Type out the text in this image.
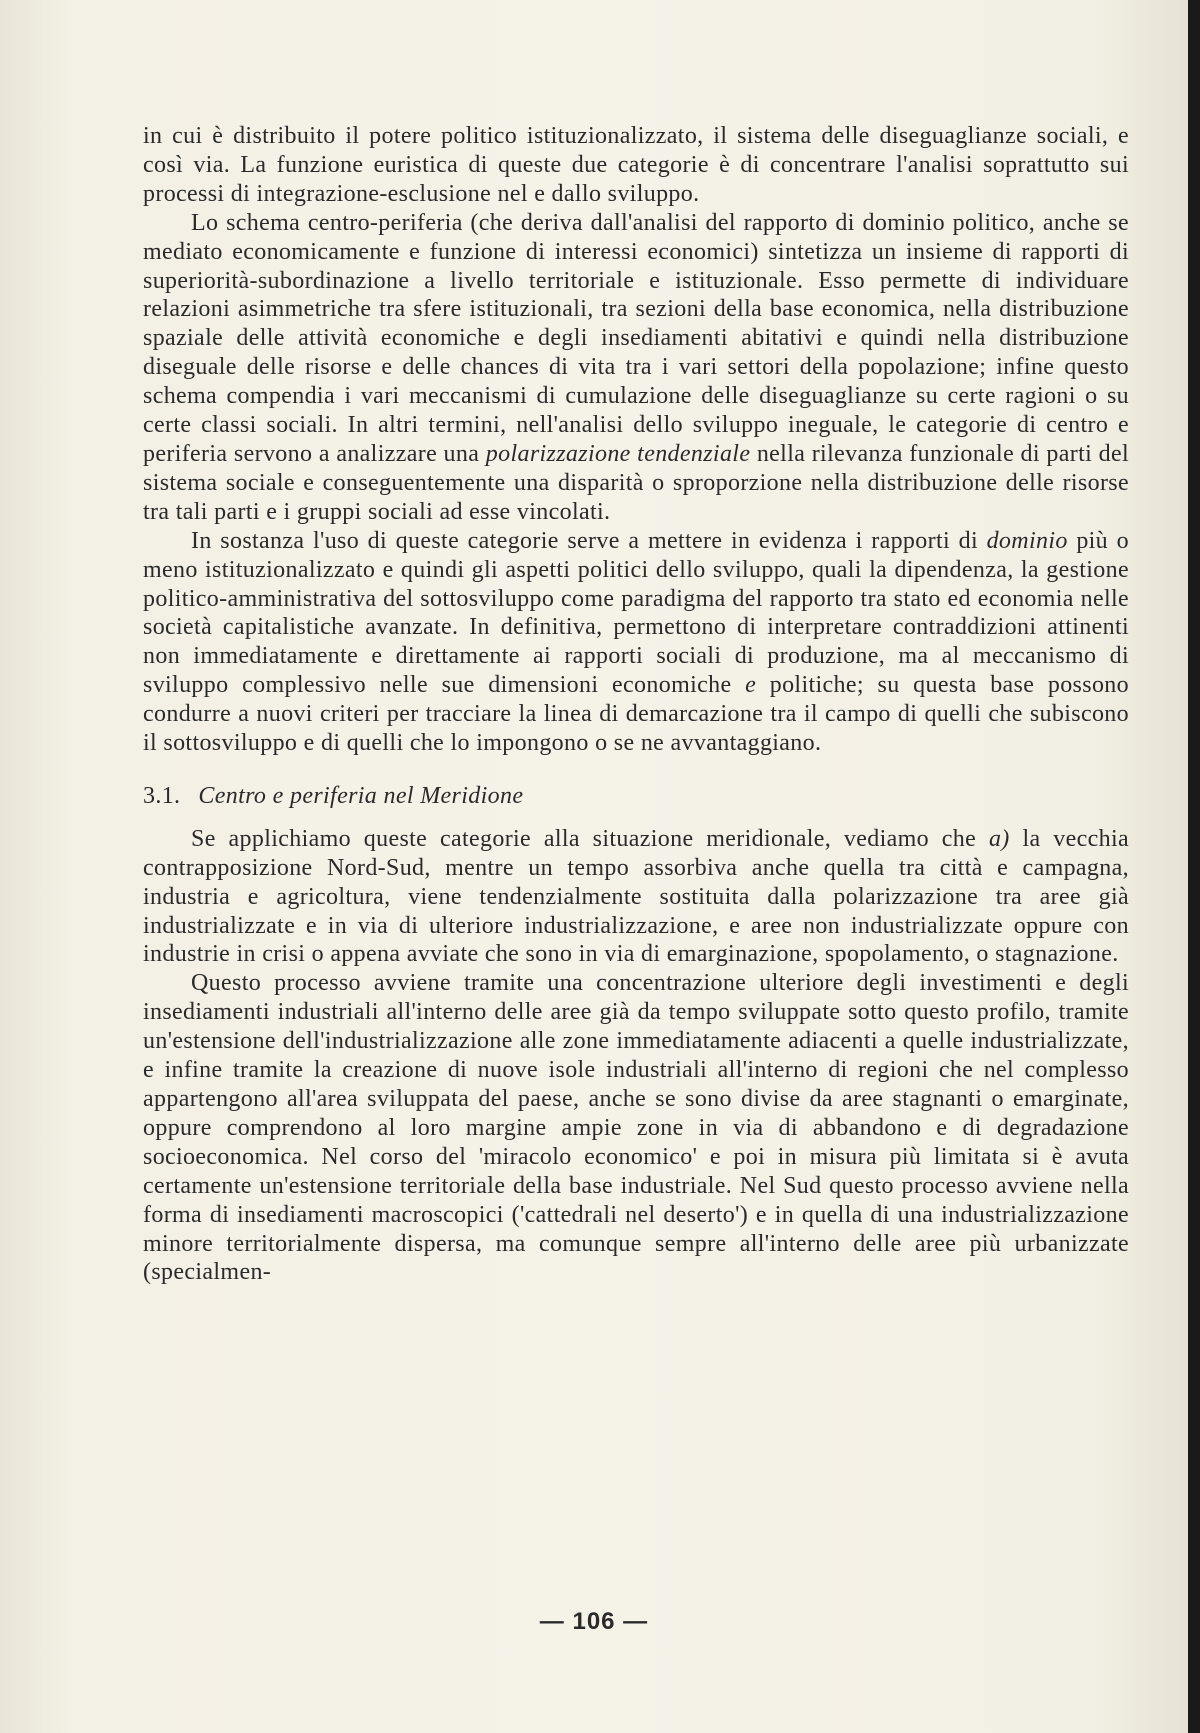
in cui è distribuito il potere politico istituzionalizzato, il sistema delle diseguaglianze sociali, e così via. La funzione euristica di queste due categorie è di concentrare l'analisi soprattutto sui processi di integrazione-esclusione nel e dallo sviluppo.

Lo schema centro-periferia (che deriva dall'analisi del rapporto di dominio politico, anche se mediato economicamente e funzione di interessi economici) sintetizza un insieme di rapporti di superiorità-subordinazione a livello territoriale e istituzionale. Esso permette di individuare relazioni asimmetriche tra sfere istituzionali, tra sezioni della base economica, nella distribuzione spaziale delle attività economiche e degli insediamenti abitativi e quindi nella distribuzione diseguale delle risorse e delle chances di vita tra i vari settori della popolazione; infine questo schema compendia i vari meccanismi di cumulazione delle diseguaglianze su certe ragioni o su certe classi sociali. In altri termini, nell'analisi dello sviluppo ineguale, le categorie di centro e periferia servono a analizzare una polarizzazione tendenziale nella rilevanza funzionale di parti del sistema sociale e conseguentemente una disparità o sproporzione nella distribuzione delle risorse tra tali parti e i gruppi sociali ad esse vincolati.

In sostanza l'uso di queste categorie serve a mettere in evidenza i rapporti di dominio più o meno istituzionalizzato e quindi gli aspetti politici dello sviluppo, quali la dipendenza, la gestione politico-amministrativa del sottosviluppo come paradigma del rapporto tra stato ed economia nelle società capitalistiche avanzate. In definitiva, permettono di interpretare contraddizioni attinenti non immediatamente e direttamente ai rapporti sociali di produzione, ma al meccanismo di sviluppo complessivo nelle sue dimensioni economiche e politiche; su questa base possono condurre a nuovi criteri per tracciare la linea di demarcazione tra il campo di quelli che subiscono il sottosviluppo e di quelli che lo impongono o se ne avvantaggiano.

3.1. Centro e periferia nel Meridione

Se applichiamo queste categorie alla situazione meridionale, vediamo che a) la vecchia contrapposizione Nord-Sud, mentre un tempo assorbiva anche quella tra città e campagna, industria e agricoltura, viene tendenzialmente sostituita dalla polarizzazione tra aree già industrializzate e in via di ulteriore industrializzazione, e aree non industrializzate oppure con industrie in crisi o appena avviate che sono in via di emarginazione, spopolamento, o stagnazione.

Questo processo avviene tramite una concentrazione ulteriore degli investimenti e degli insediamenti industriali all'interno delle aree già da tempo sviluppate sotto questo profilo, tramite un'estensione dell'industrializzazione alle zone immediatamente adiacenti a quelle industrializzate, e infine tramite la creazione di nuove isole industriali all'interno di regioni che nel complesso appartengono all'area sviluppata del paese, anche se sono divise da aree stagnanti o emarginate, oppure comprendono al loro margine ampie zone in via di abbandono e di degradazione socioeconomica. Nel corso del 'miracolo economico' e poi in misura più limitata si è avuta certamente un'estensione territoriale della base industriale. Nel Sud questo processo avviene nella forma di insediamenti macroscopici ('cattedrali nel deserto') e in quella di una industrializzazione minore territorialmente dispersa, ma comunque sempre all'interno delle aree più urbanizzate (specialmen-

— 106 —
